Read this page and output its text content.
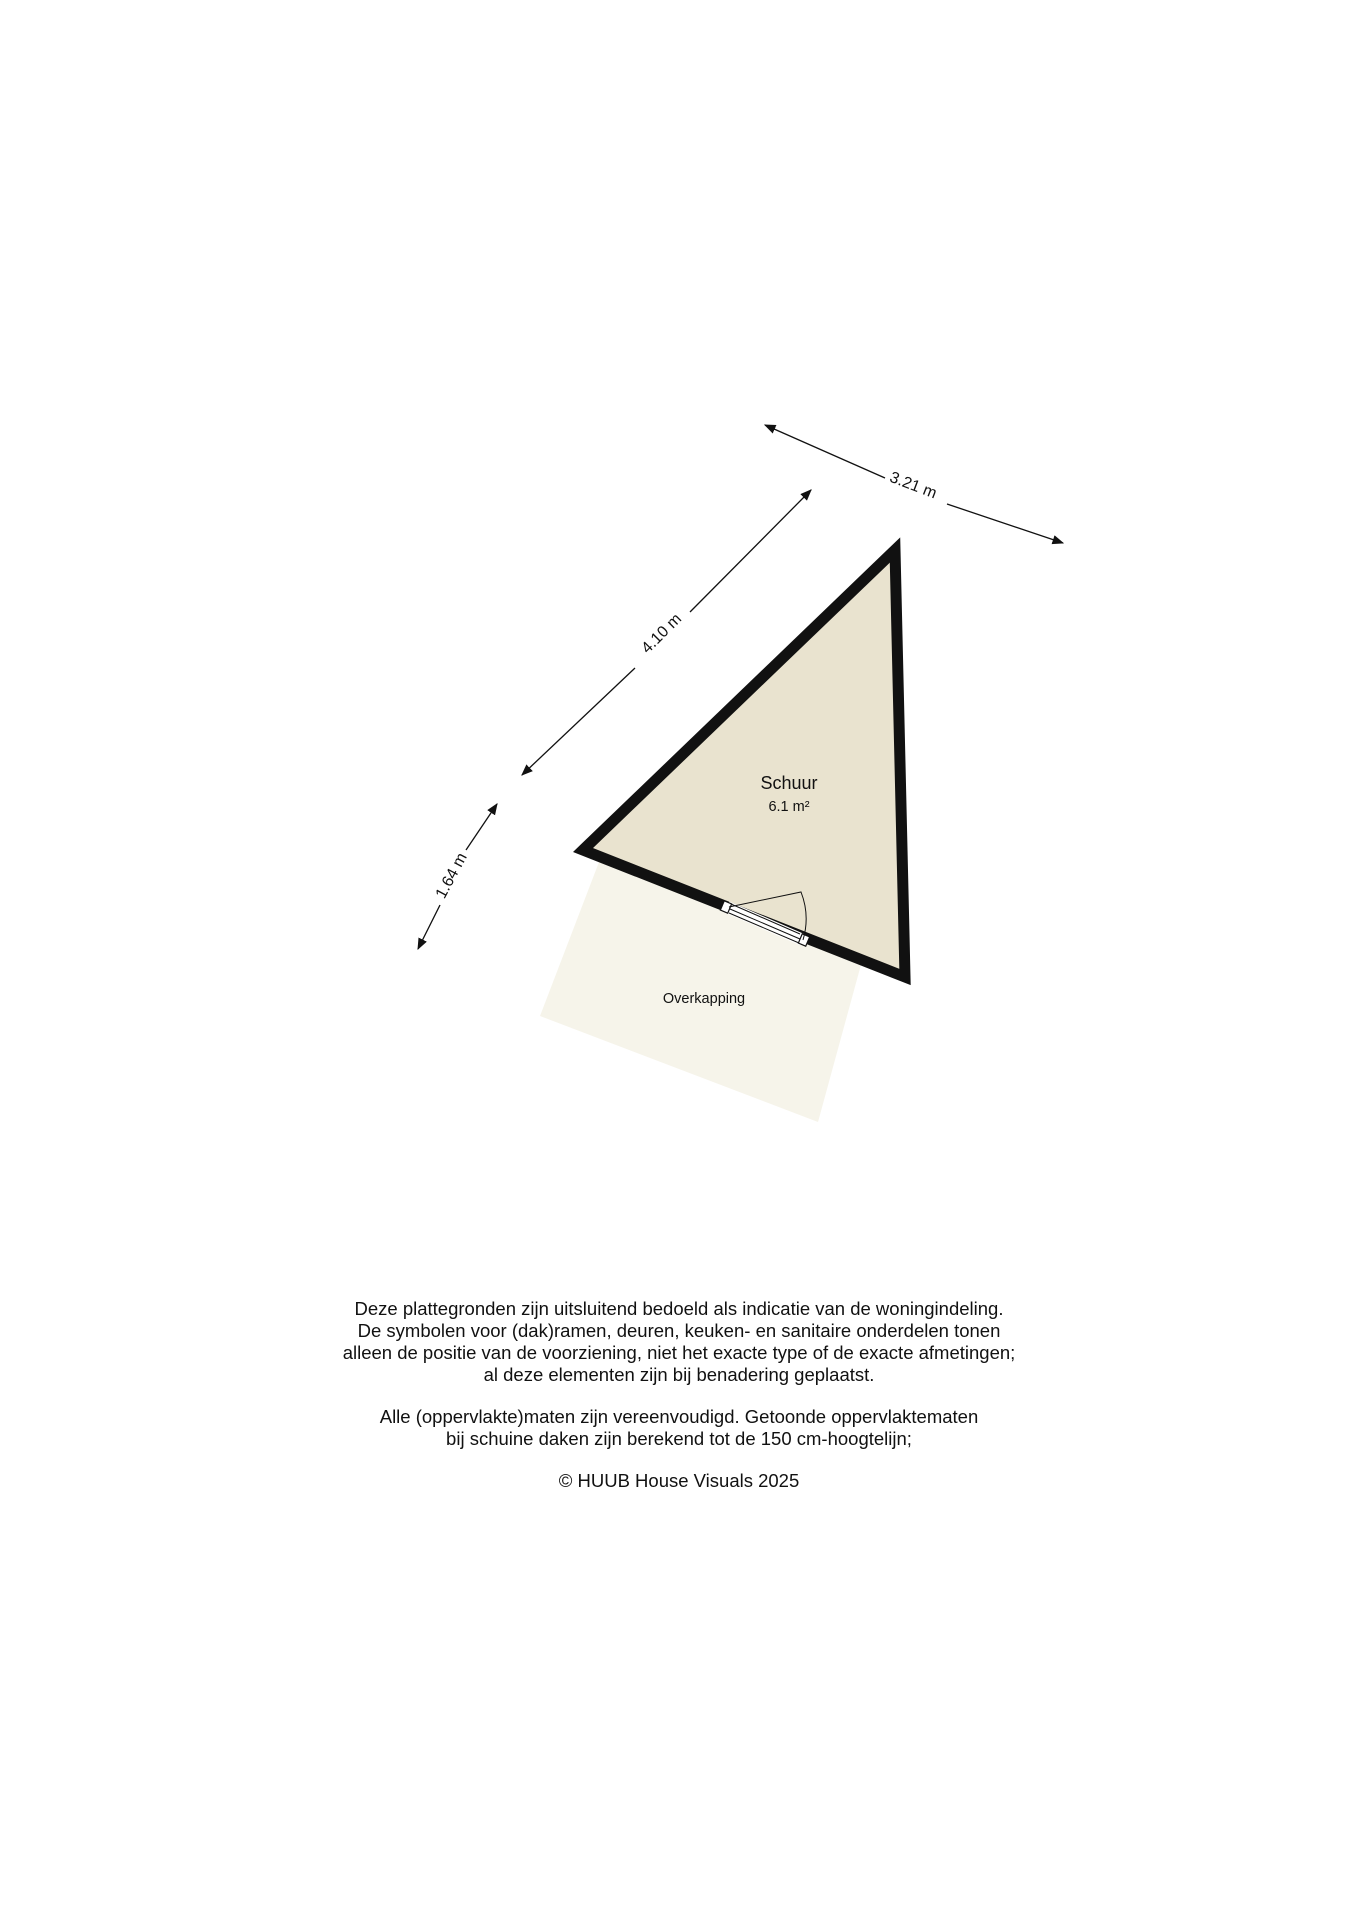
3.21 m
4.10 m
1.64 m
Schuur
6.1 m²
Overkapping
Deze plattegronden zijn uitsluitend bedoeld als indicatie van de woningindeling.
De symbolen voor (dak)ramen, deuren, keuken- en sanitaire onderdelen tonen
alleen de positie van de voorziening, niet het exacte type of de exacte afmetingen;
al deze elementen zijn bij benadering geplaatst.
Alle (oppervlakte)maten zijn vereenvoudigd. Getoonde oppervlaktematen
bij schuine daken zijn berekend tot de 150 cm-hoogtelijn;
© HUUB House Visuals 2025
